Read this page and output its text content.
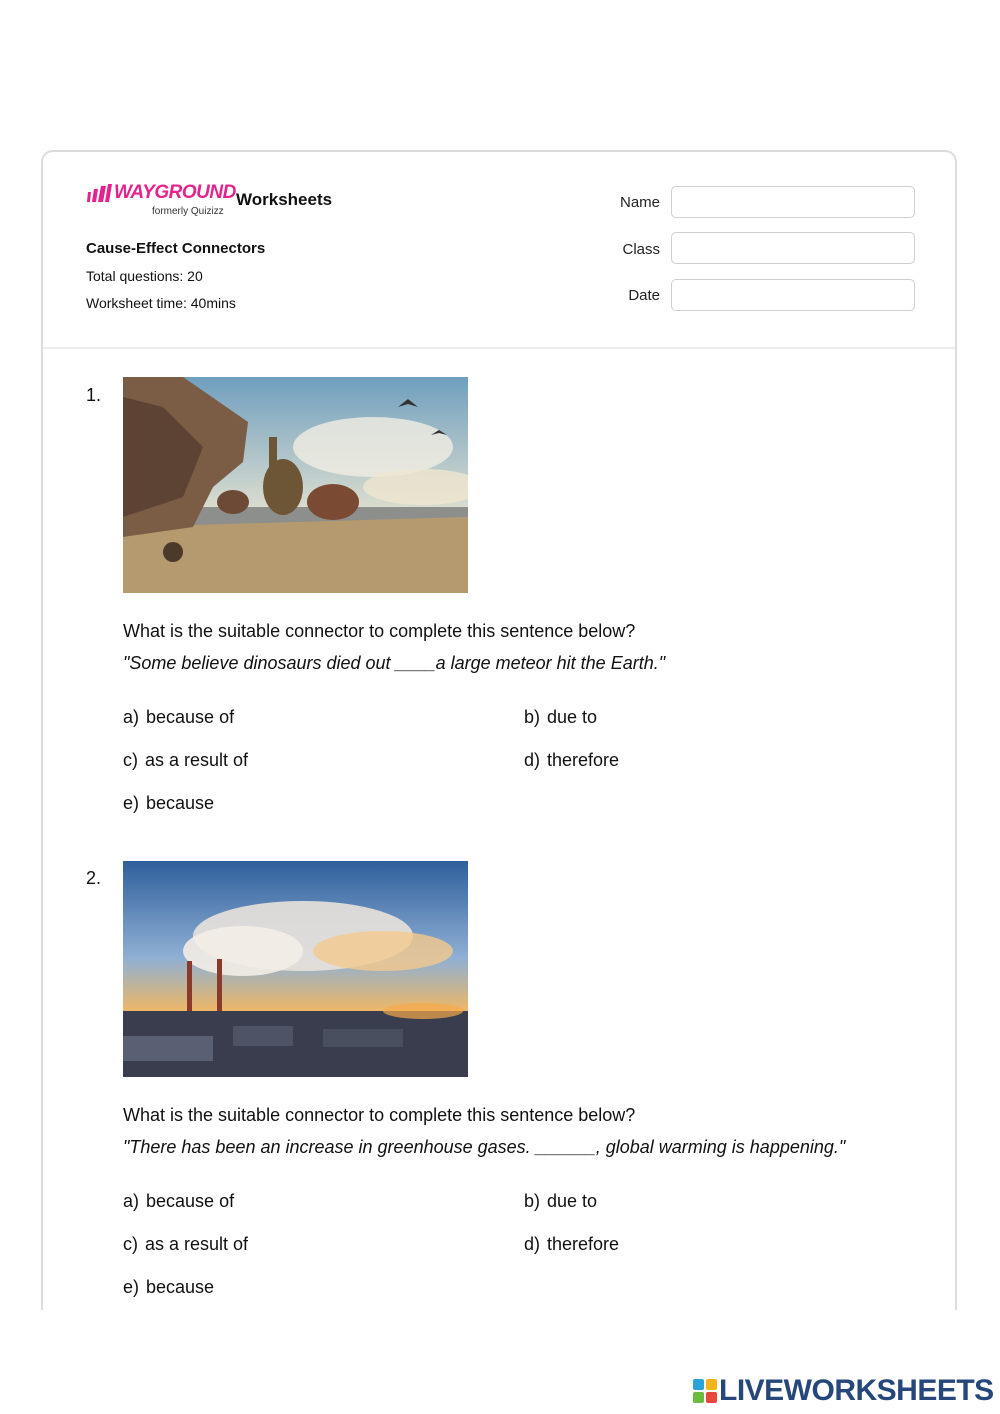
WAYGROUND
formerly Quizizz
Worksheets
Cause-Effect Connectors
Total questions: 20
Worksheet time: 40mins
Name
Class
Date
1.
What is the suitable connector to complete this sentence below?
"Some believe dinosaurs died out ____a large meteor hit the Earth."
a) because of	b) due to
c) as a result of	d) therefore
e) because
2.
What is the suitable connector to complete this sentence below?
"There has been an increase in greenhouse gases. ______, global warming is happening."
a) because of	b) due to
c) as a result of	d) therefore
e) because
LIVEWORKSHEETS
